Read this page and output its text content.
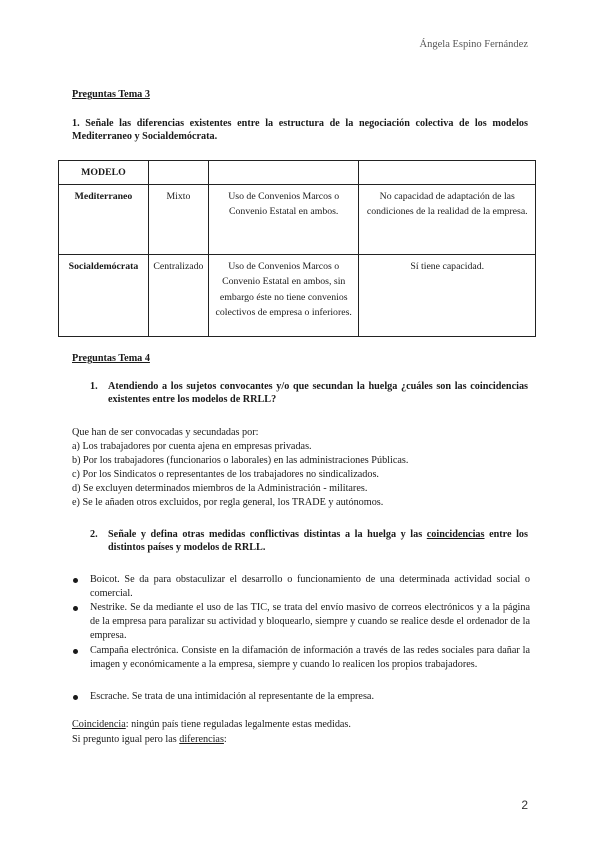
Ángela Espino Fernández
Preguntas Tema 3
1. Señale las diferencias existentes entre la estructura de la negociación colectiva de los modelos Mediterraneo y Socialdemócrata.
MODELO			
Mediterraneo	Mixto	Uso de Convenios Marcos o Convenio Estatal en ambos.	No capacidad de adaptación de las condiciones de la realidad de la empresa.
Socialdemócrata	Centralizado	Uso de Convenios Marcos o Convenio Estatal en ambos, sin embargo éste no tiene convenios colectivos de empresa o inferiores.	Sí tiene capacidad.
Preguntas Tema 4
1. Atendiendo a los sujetos convocantes y/o que secundan la huelga ¿cuáles son las coincidencias existentes entre los modelos de RRLL?
Que han de ser convocadas y secundadas por:
a) Los trabajadores por cuenta ajena en empresas privadas.
b) Por los trabajadores (funcionarios o laborales) en las administraciones Públicas.
c) Por los Sindicatos o representantes de los trabajadores no sindicalizados.
d) Se excluyen determinados miembros de la Administración - militares.
e) Se le añaden otros excluidos, por regla general, los TRADE y autónomos.
2. Señale y defina otras medidas conflictivas distintas a la huelga y las coincidencias entre los distintos países y modelos de RRLL.
Boicot. Se da para obstaculizar el desarrollo o funcionamiento de una determinada actividad social o comercial.
Nestrike. Se da mediante el uso de las TIC, se trata del envío masivo de correos electrónicos y a la página de la empresa para paralizar su actividad y bloquearlo, siempre y cuando se realice desde el ordenador de la empresa.
Campaña electrónica. Consiste en la difamación de información a través de las redes sociales para dañar la imagen y económicamente a la empresa, siempre y cuando lo realicen los propios trabajadores.
Escrache. Se trata de una intimidación al representante de la empresa.
Coincidencia: ningún país tiene reguladas legalmente estas medidas.
Si pregunto igual pero las diferencias:
2
